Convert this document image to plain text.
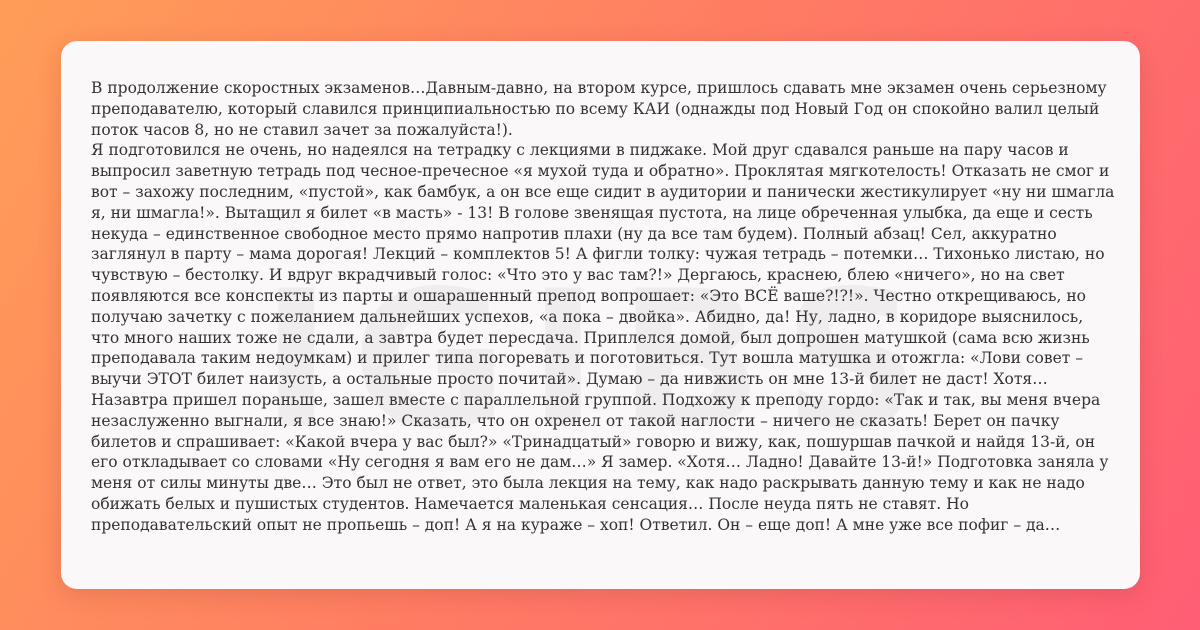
В продолжение скоростных экзаменов…Давным-давно, на втором курсе, пришлось сдавать мне экзамен очень серьезному преподавателю, который славился принципиальностью по всему КАИ (однажды под Новый Год он спокойно валил целый поток часов 8, но не ставил зачет за пожалуйста!).

Я подготовился не очень, но надеялся на тетрадку с лекциями в пиджаке. Мой друг сдавался раньше на пару часов и выпросил заветную тетрадь под чесное-пречесное «я мухой туда и обратно». Проклятая мягкотелость! Отказать не смог и вот – захожу последним, «пустой», как бамбук, а он все еще сидит в аудитории и панически жестикулирует «ну ни шмагла я, ни шмагла!». Вытащил я билет «в масть» - 13! В голове звенящая пустота, на лице обреченная улыбка, да еще и сесть некуда – единственное свободное место прямо напротив плахи (ну да все там будем). Полный абзац! Сел, аккуратно заглянул в парту – мама дорогая! Лекций – комплектов 5! А фигли толку: чужая тетрадь – потемки… Тихонько листаю, но чувствую – бестолку. И вдруг вкрадчивый голос: «Что это у вас там?!» Дергаюсь, краснею, блею «ничего», но на свет появляются все конспекты из парты и ошарашенный препод вопрошает: «Это ВСЁ ваше?!?!». Честно открещиваюсь, но получаю зачетку с пожеланием дальнейших успехов, «а пока – двойка». Абидно, да! Ну, ладно, в коридоре выяснилось, что много наших тоже не сдали, а завтра будет пересдача. Приплелся домой, был допрошен матушкой (сама всю жизнь преподавала таким недоумкам) и прилег типа погоревать и поготовиться. Тут вошла матушка и отожгла: «Лови совет – выучи ЭТОТ билет наизусть, а остальные просто почитай». Думаю – да нивжисть он мне 13-й билет не даст! Хотя…

Назавтра пришел пораньше, зашел вместе с параллельной группой. Подхожу к преподу гордо: «Так и так, вы меня вчера незаслуженно выгнали, я все знаю!» Сказать, что он охренел от такой наглости – ничего не сказать! Берет он пачку билетов и спрашивает: «Какой вчера у вас был?» «Тринадцатый» говорю и вижу, как, пошуршав пачкой и найдя 13-й, он его откладывает со словами «Ну сегодня я вам его не дам…» Я замер. «Хотя… Ладно! Давайте 13-й!» Подготовка заняла у меня от силы минуты две… Это был не ответ, это была лекция на тему, как надо раскрывать данную тему и как не надо обижать белых и пушистых студентов. Намечается маленькая сенсация… После неуда пять не ставят. Но преподавательский опыт не пропьешь – доп! А я на кураже – хоп! Ответил. Он – еще доп! А мне уже все пофиг – да…
